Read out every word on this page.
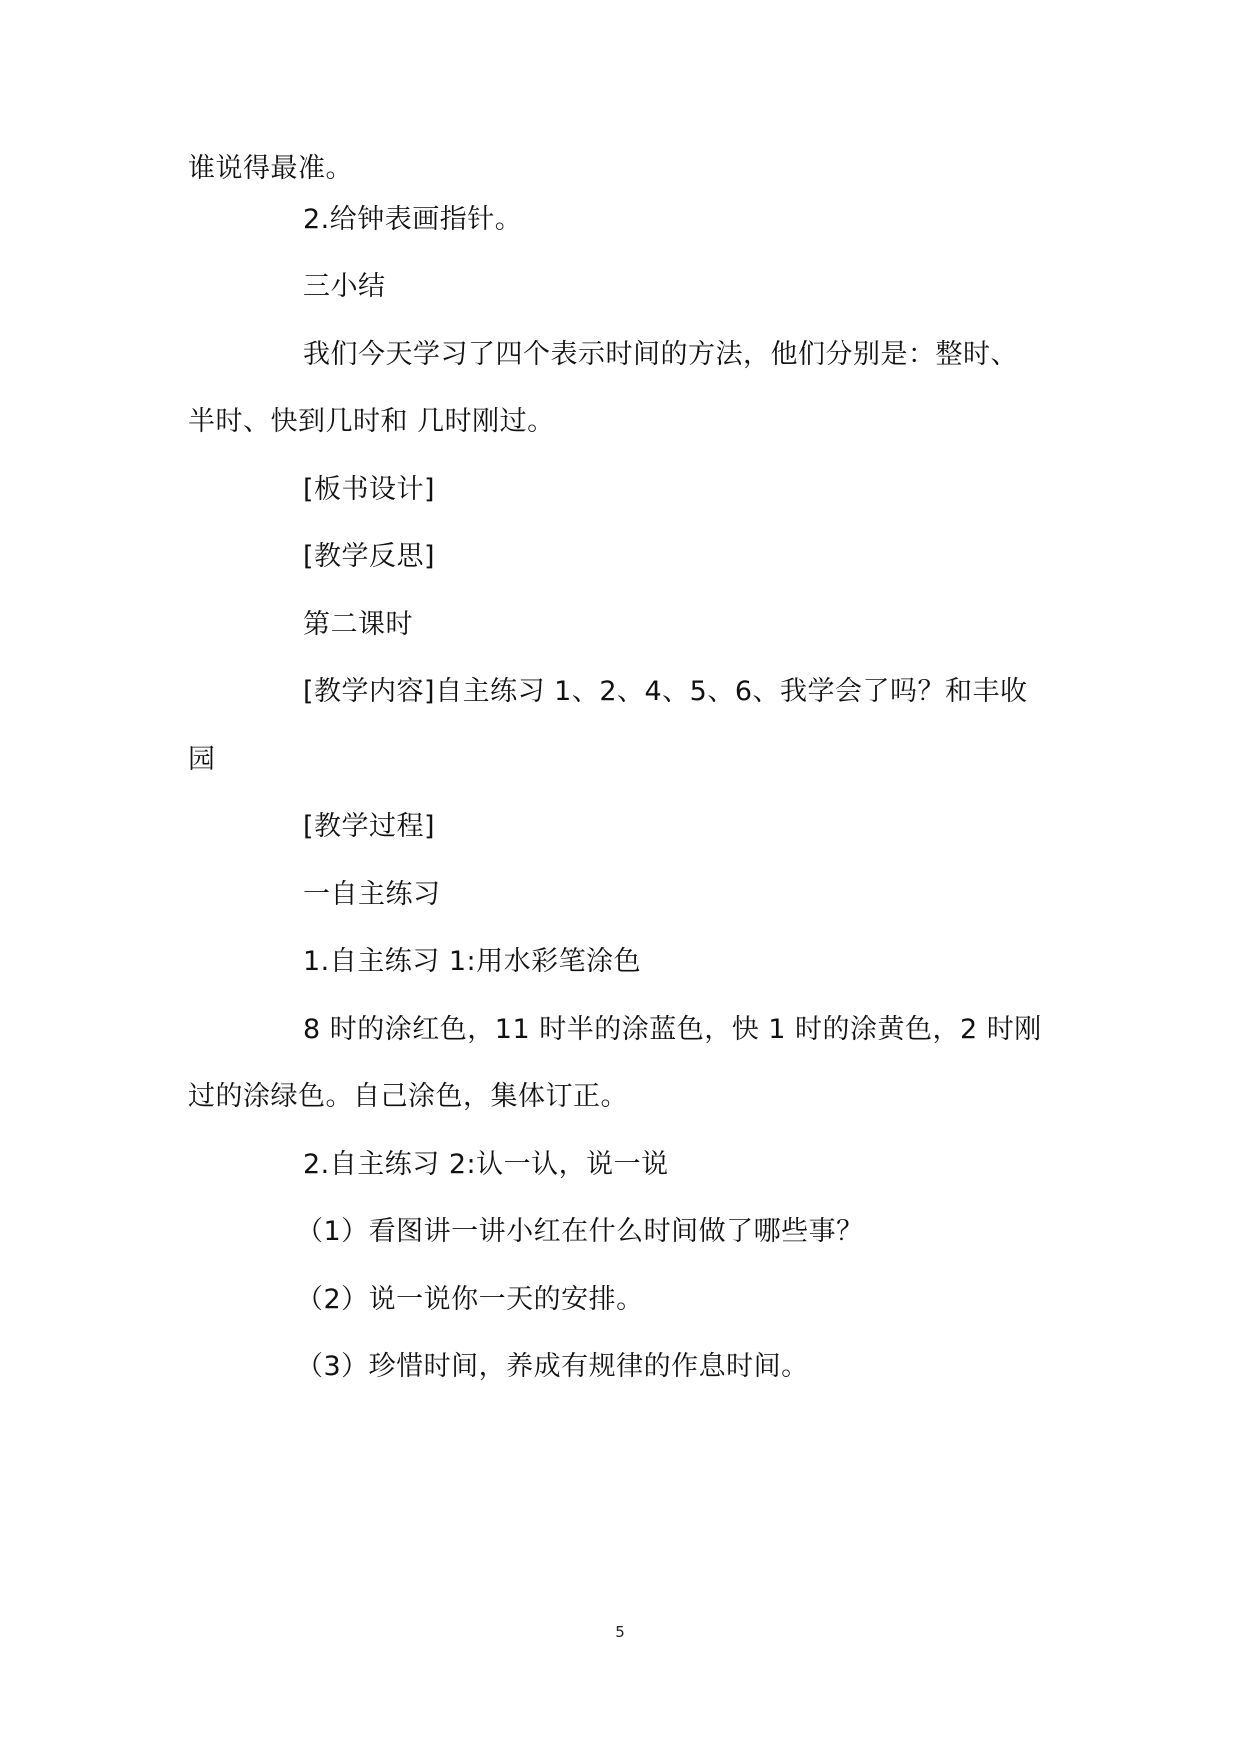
谁说得最准。
2.给钟表画指针。
三小结
我们今天学习了四个表示时间的方法，他们分别是：整时、
半时、快到几时和 几时刚过。
[板书设计]
[教学反思]
第二课时
[教学内容]自主练习 1、2、4、5、6、我学会了吗？和丰收
园
[教学过程]
一自主练习
1.自主练习 1:用水彩笔涂色
8 时的涂红色，11 时半的涂蓝色，快 1 时的涂黄色，2 时刚
过的涂绿色。自己涂色，集体订正。
2.自主练习 2:认一认，说一说
（1）看图讲一讲小红在什么时间做了哪些事？
（2）说一说你一天的安排。
（3）珍惜时间，养成有规律的作息时间。
5
